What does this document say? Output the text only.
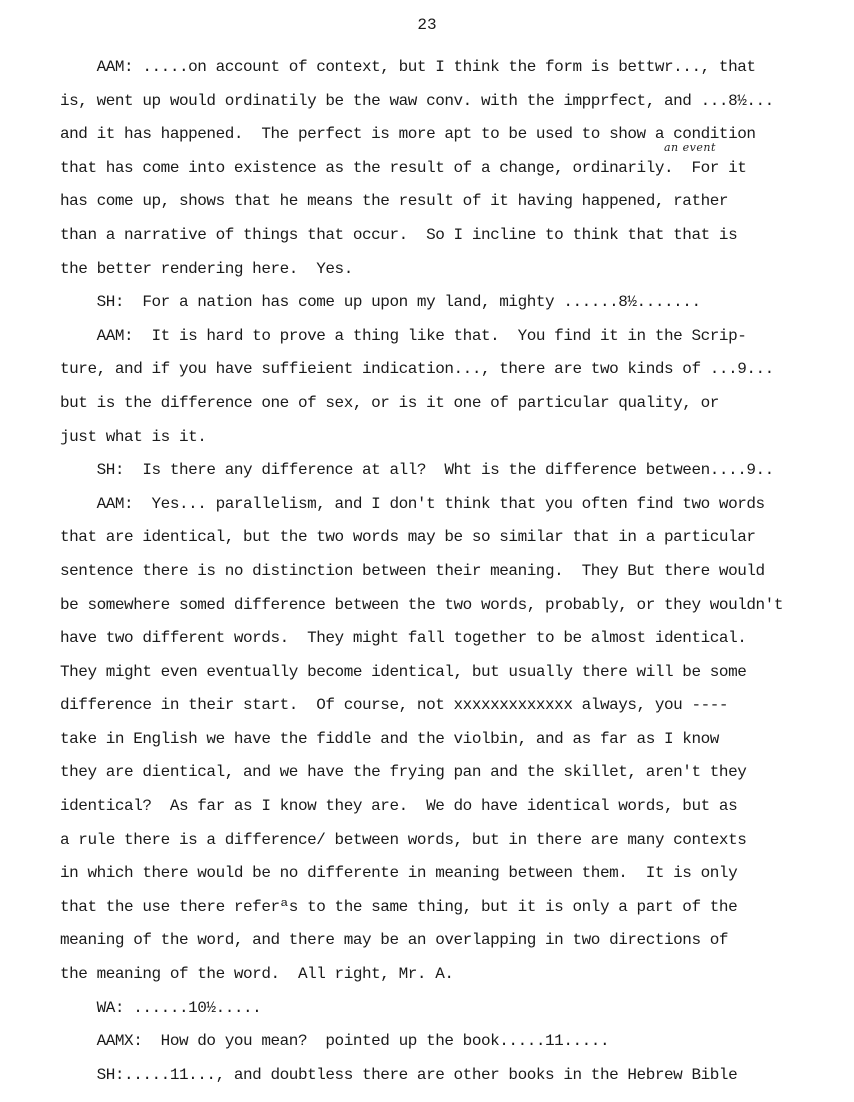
23
an event
AAM: .....on account of context, but I think the form is bettwr..., that
is, went up would ordinatily be the waw conv. with the impprfect, and ...8½...
and it has happened.  The perfect is more apt to be used to show a condition
that has come into existence as the result of a change, ordinarily.  For it
has come up, shows that he means the result of it having happened, rather
than a narrative of things that occur.  So I incline to think that that is
the better rendering here.  Yes.
SH:  For a nation has come up upon my land, mighty ......8½.......
AAM:  It is hard to prove a thing like that.  You find it in the Scrip-
ture, and if you have suffieient indication..., there are two kinds of ...9...
but is the difference one of sex, or is it one of particular quality, or
just what is it.
SH:  Is there any difference at all?  Wht is the difference between....9..
AAM:  Yes... parallelism, and I don't think that you often find two words
that are identical, but the two words may be so similar that in a particular
sentence there is no distinction between their meaning.  They But there would
be somewhere somed difference between the two words, probably, or they wouldn't
have two different words.  They might fall together to be almost identical.
They might even eventually become identical, but usually there will be some
difference in their start.  Of course, not xxxxxxxxxxxxx always, you ----
take in English we have the fiddle and the violbin, and as far as I know
they are dientical, and we have the frying pan and the skillet, aren't they
identical?  As far as I know they are.  We do have identical words, but as
a rule there is a difference/ between words, but in there are many contexts
in which there would be no differente in meaning between them.  It is only
that the use there referªs to the same thing, but it is only a part of the
meaning of the word, and there may be an overlapping in two directions of
the meaning of the word.  All right, Mr. A.
WA: ......10½.....
AAMX:  How do you mean?  pointed up the book.....11.....
SH:.....11..., and doubtless there are other books in the Hebrew Bible
